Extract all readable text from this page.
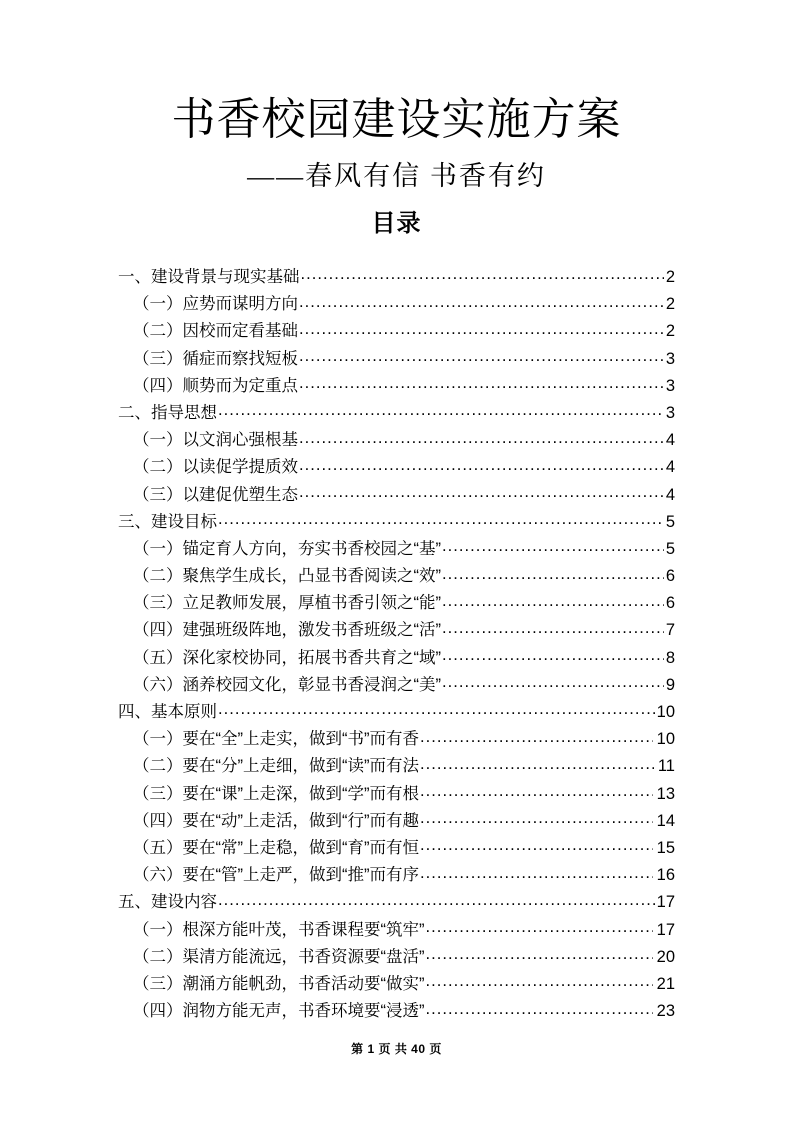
书香校园建设实施方案
——春风有信 书香有约
目录
一、建设背景与现实基础 .....	2
（一）应势而谋明方向 .....	2
（二）因校而定看基础 .....	2
（三）循症而察找短板 .....	3
（四）顺势而为定重点 .....	3
二、指导思想 .....	3
（一）以文润心强根基 .....	4
（二）以读促学提质效 .....	4
（三）以建促优塑生态 .....	4
三、建设目标 .....	5
（一）锚定育人方向，夯实书香校园之“基” .....	5
（二）聚焦学生成长，凸显书香阅读之“效” .....	6
（三）立足教师发展，厚植书香引领之“能” .....	6
（四）建强班级阵地，激发书香班级之“活” .....	7
（五）深化家校协同，拓展书香共育之“域” .....	8
（六）涵养校园文化，彰显书香浸润之“美” .....	9
四、基本原则 .....	10
（一）要在“全”上走实，做到“书”而有香 .....	10
（二）要在“分”上走细，做到“读”而有法 .....	11
（三）要在“课”上走深，做到“学”而有根 .....	13
（四）要在“动”上走活，做到“行”而有趣 .....	14
（五）要在“常”上走稳，做到“育”而有恒 .....	15
（六）要在“管”上走严，做到“推”而有序 .....	16
五、建设内容 .....	17
（一）根深方能叶茂，书香课程要“筑牢” .....	17
（二）渠清方能流远，书香资源要“盘活” .....	20
（三）潮涌方能帆劲，书香活动要“做实” .....	21
（四）润物方能无声，书香环境要“浸透” .....	23
第 1 页 共 40 页
